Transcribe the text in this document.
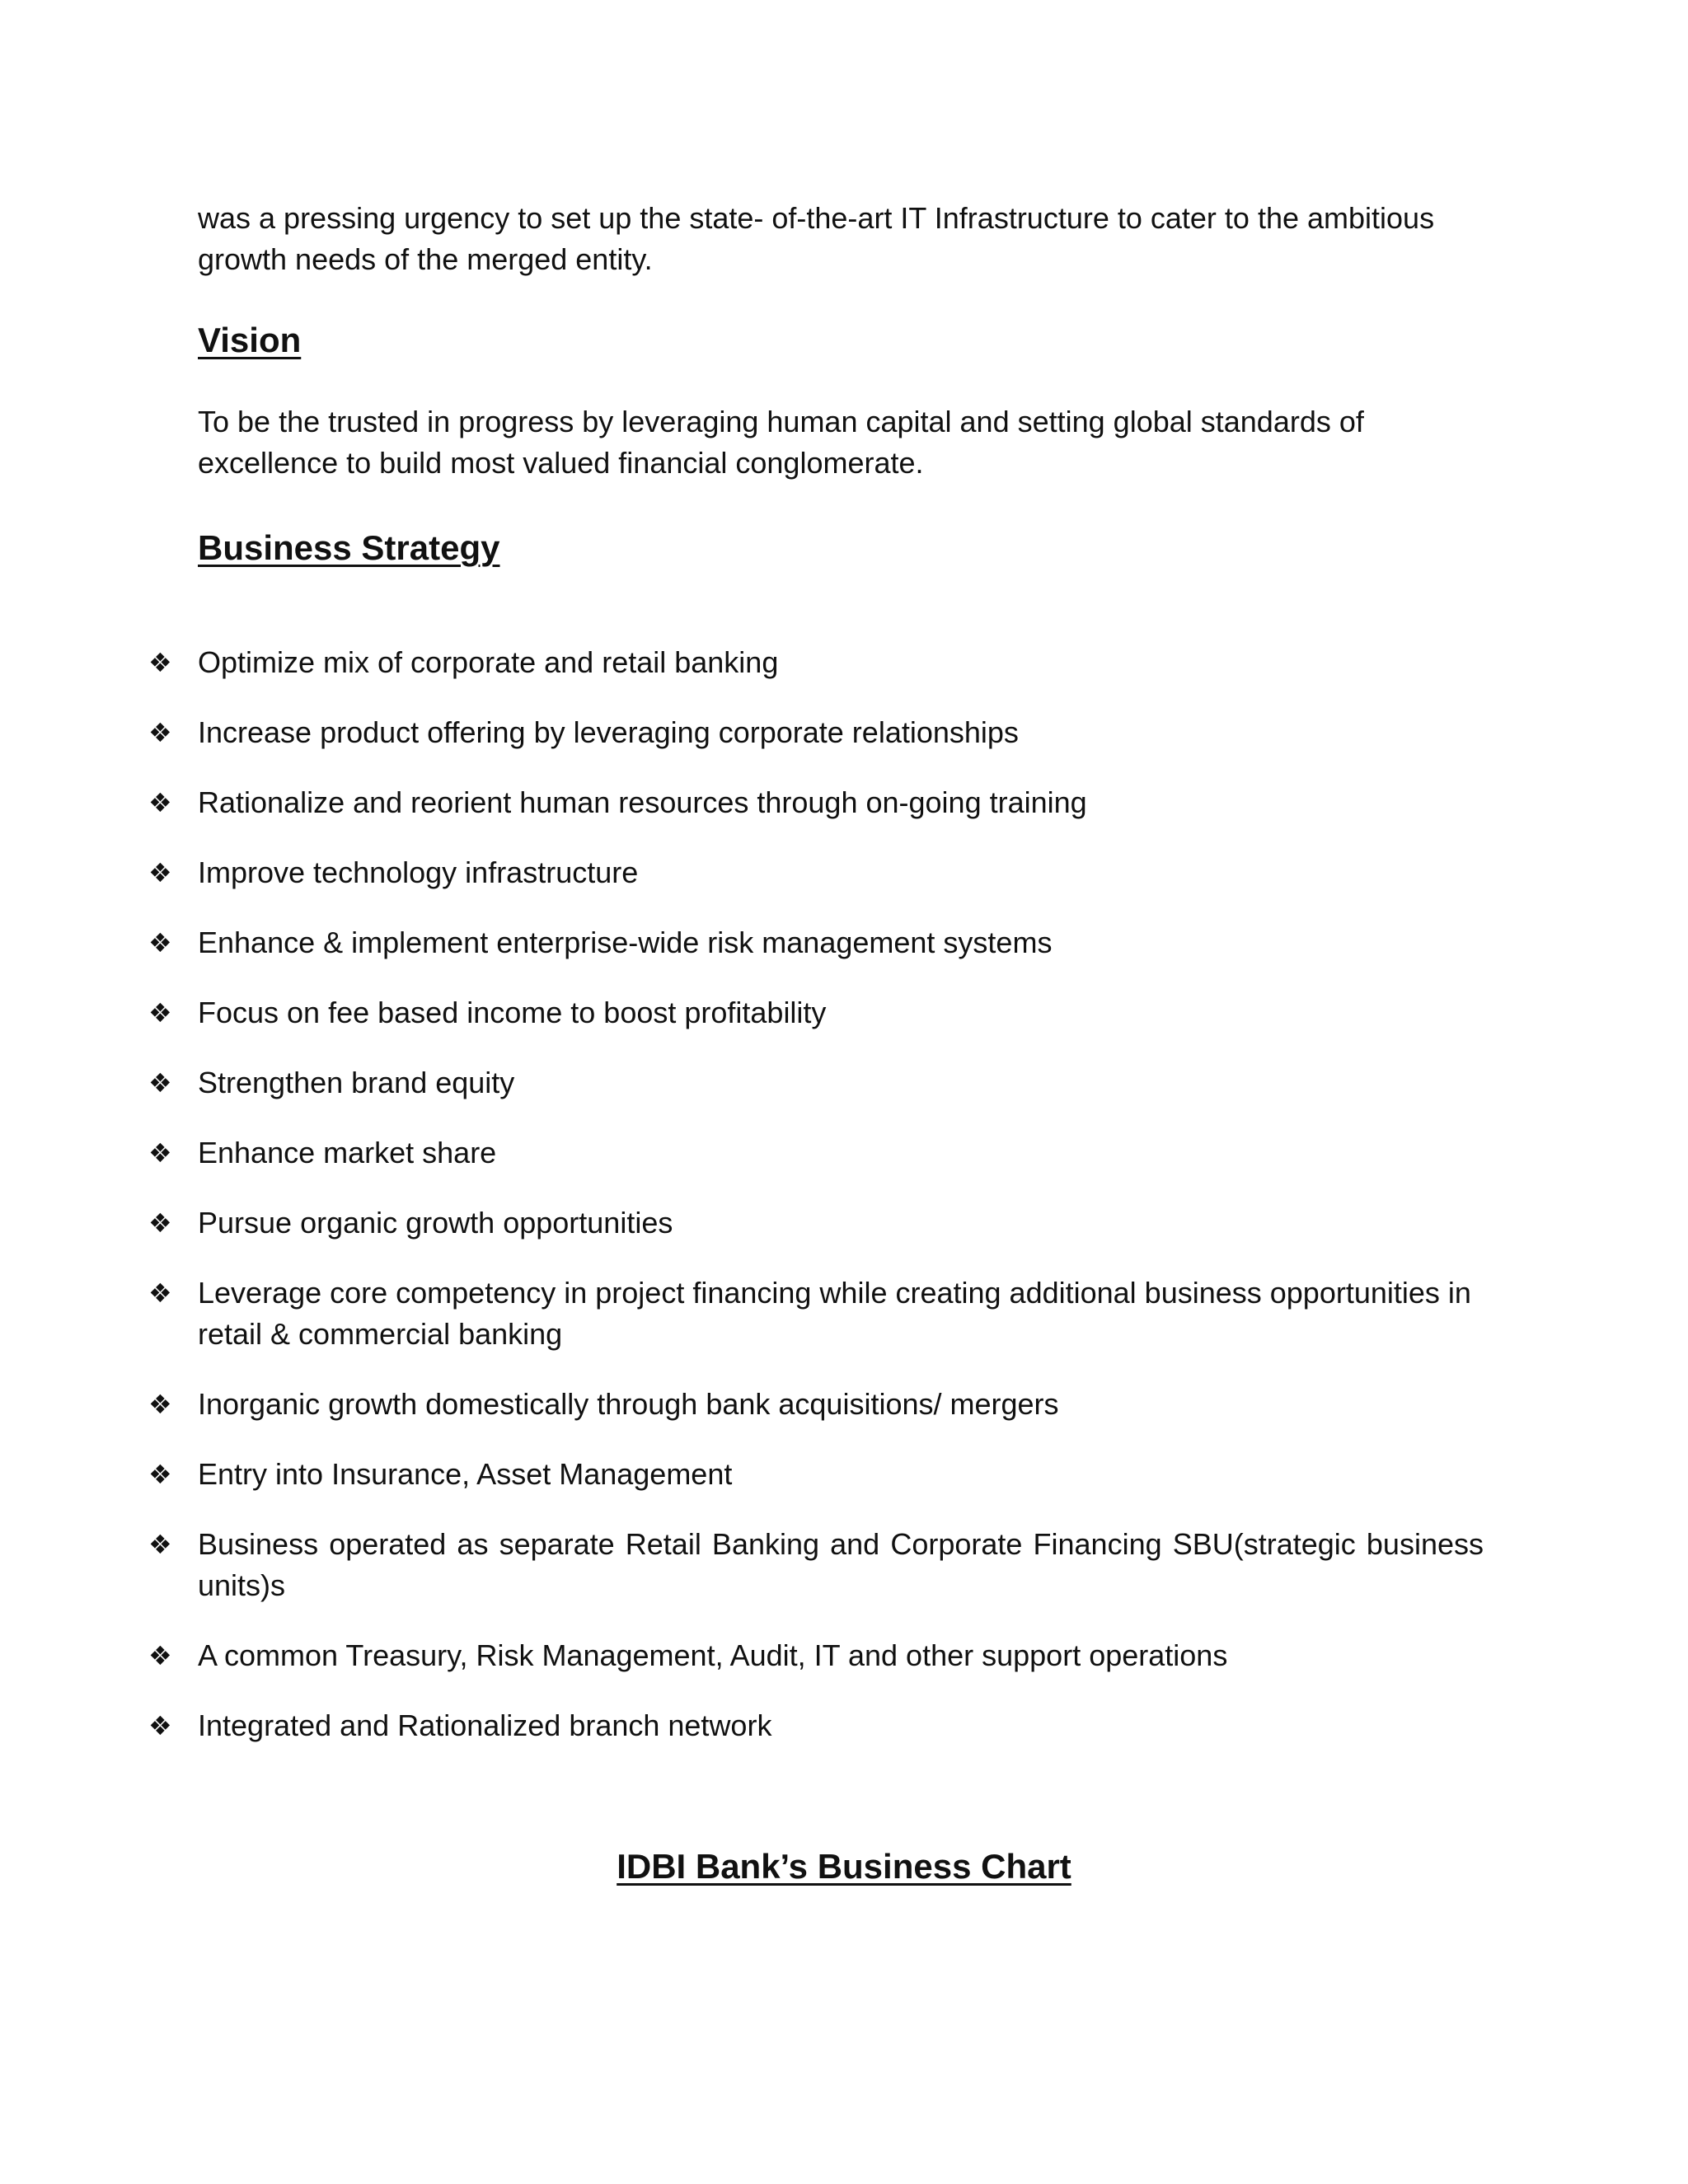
was a pressing urgency to set up the state- of-the-art IT Infrastructure to cater to the ambitious growth needs of the merged entity.
Vision
To be the trusted in progress by leveraging human capital and setting global standards of excellence to build most valued financial conglomerate.
Business Strategy
❖ Optimize mix of corporate and retail banking
❖ Increase product offering by leveraging corporate relationships
❖ Rationalize and reorient human resources through on-going training
❖ Improve technology infrastructure
❖ Enhance & implement enterprise-wide risk management systems
❖ Focus on fee based income to boost profitability
❖ Strengthen brand equity
❖ Enhance market share
❖ Pursue organic growth opportunities
❖ Leverage core competency in project financing while creating additional business opportunities in retail & commercial banking
❖ Inorganic growth domestically through bank acquisitions/ mergers
❖ Entry into Insurance, Asset Management
❖ Business operated as separate Retail Banking and Corporate Financing SBU(strategic business units)s
❖ A common Treasury, Risk Management, Audit, IT and other support operations
❖ Integrated and Rationalized branch network
IDBI Bank’s Business Chart
